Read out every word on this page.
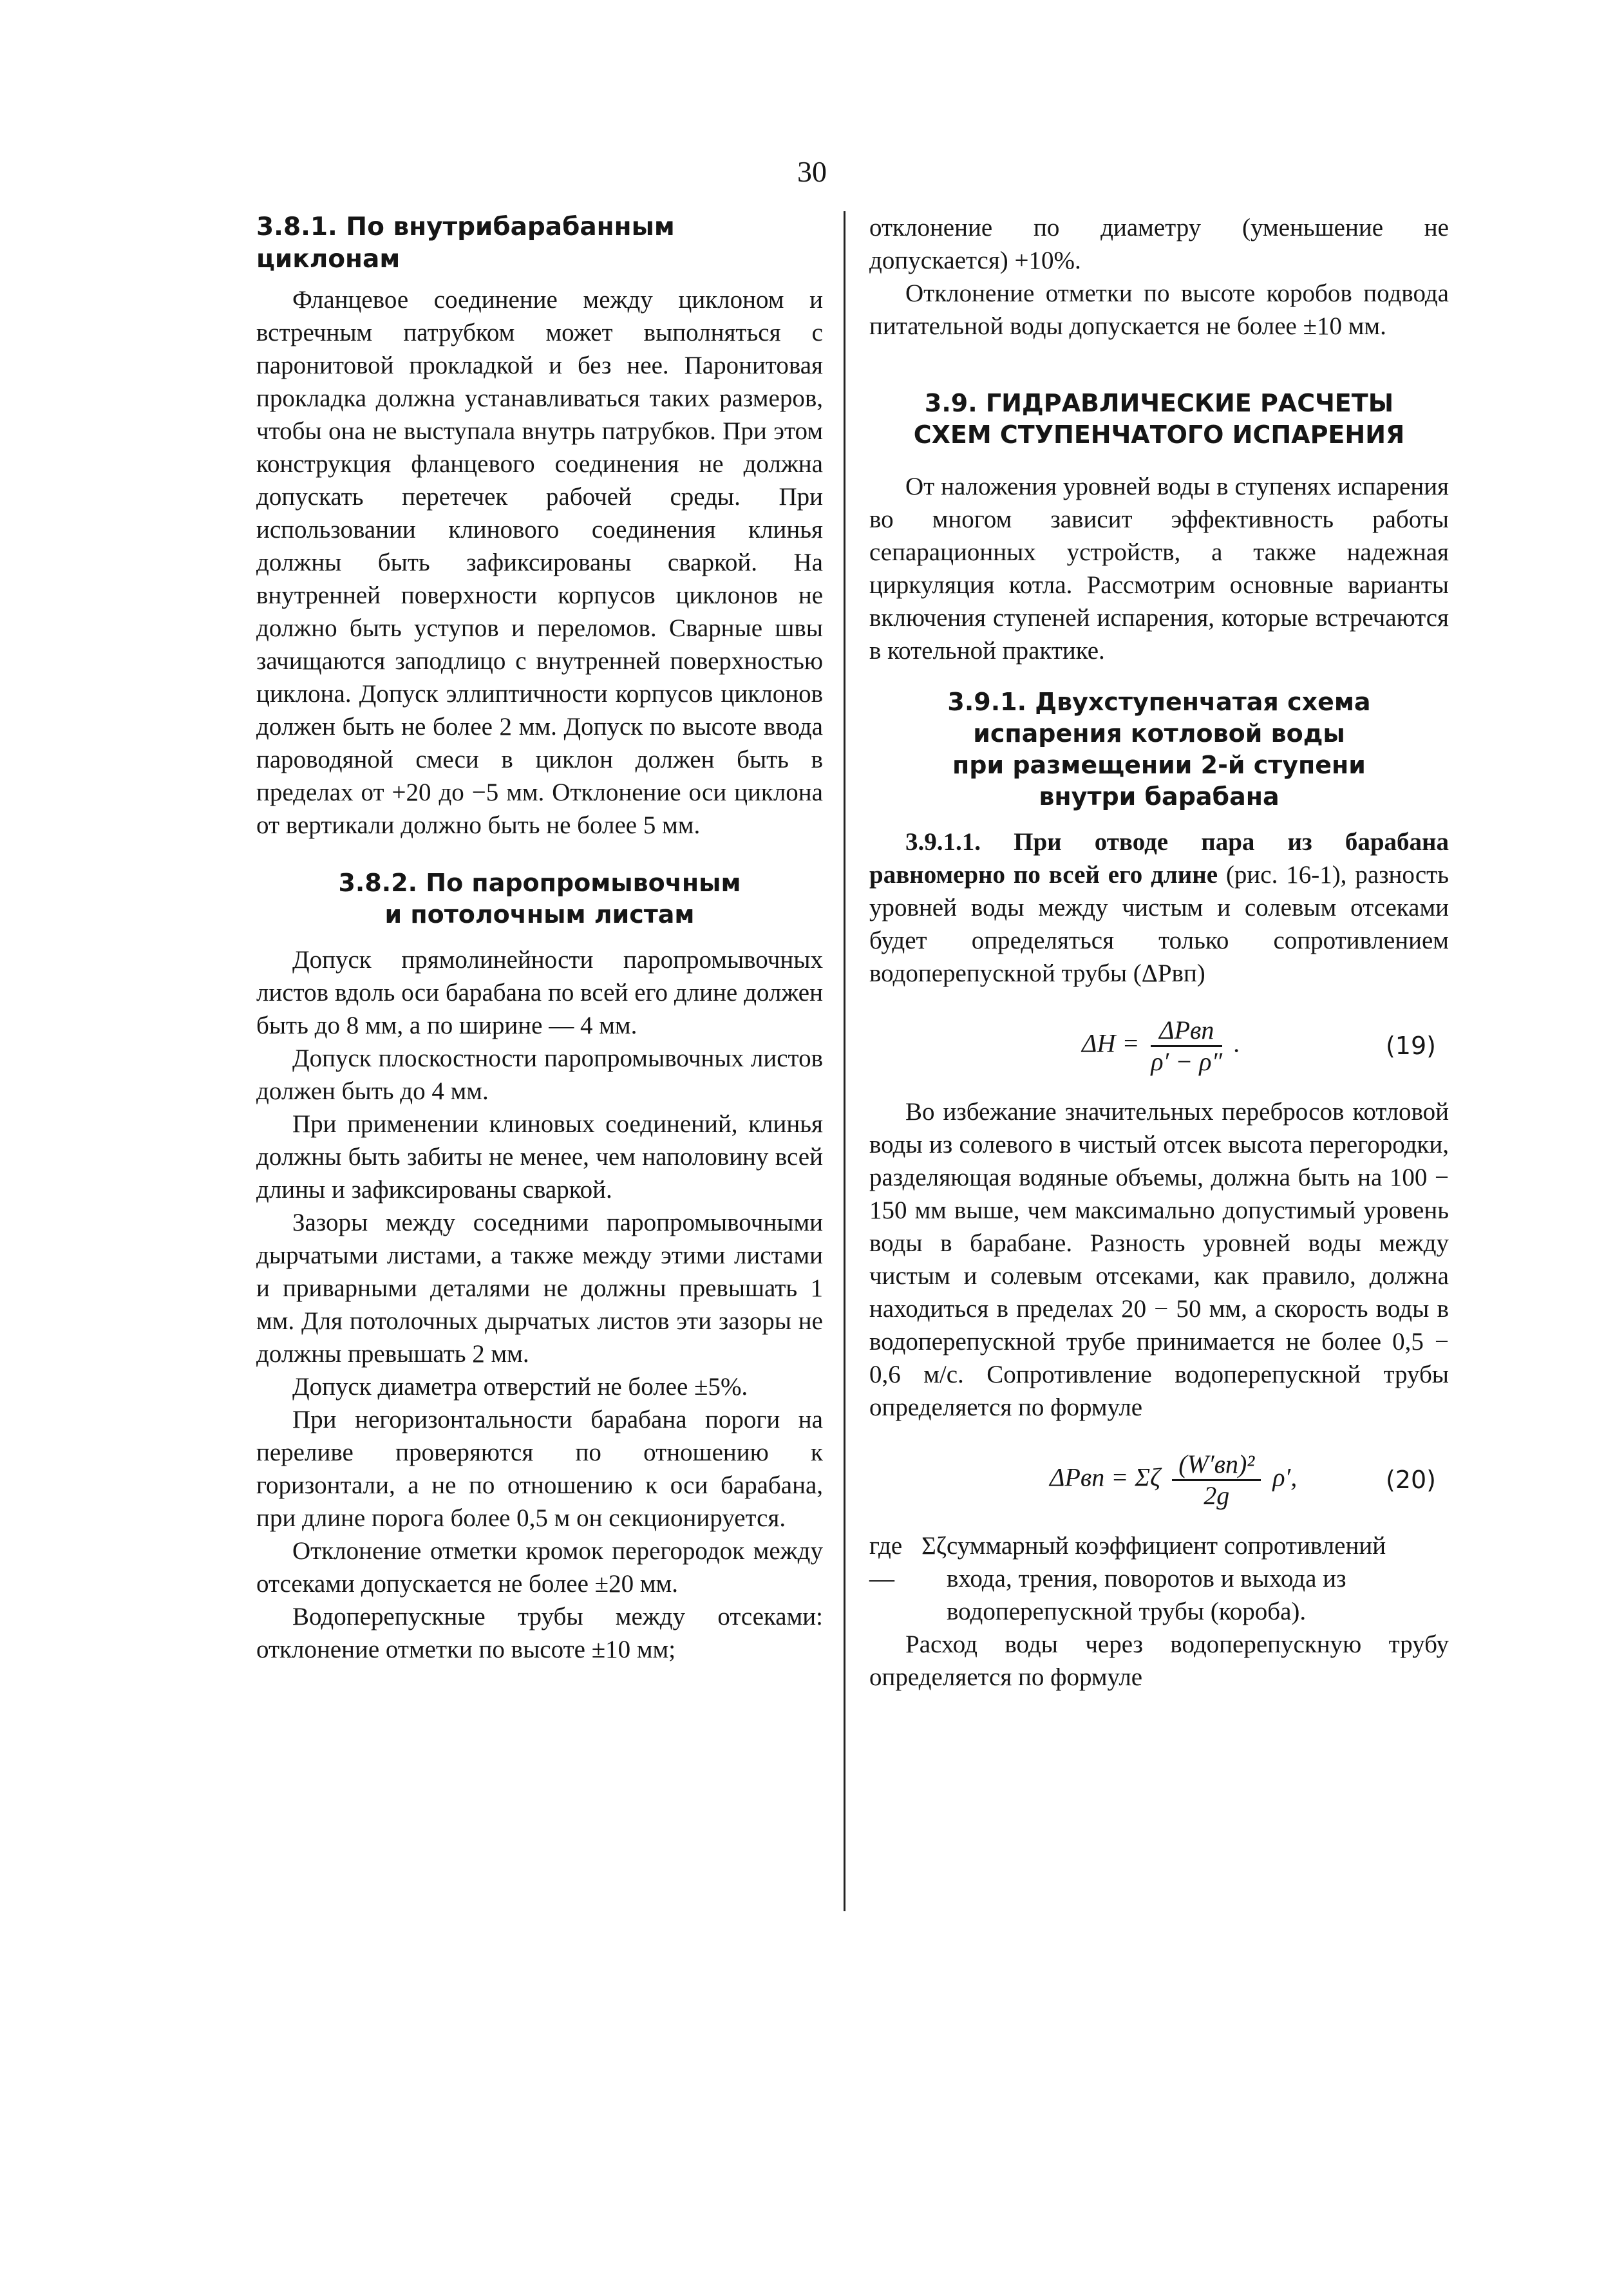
30
3.8.1. По внутрибарабанным циклонам

Фланцевое соединение между циклоном и встречным патрубком может выполняться с паронитовой прокладкой и без нее. Паронитовая прокладка должна устанавливаться таких размеров, чтобы она не выступала внутрь патрубков. При этом конструкция фланцевого соединения не должна допускать перетечек рабочей среды. При использовании клинового соединения клинья должны быть зафиксированы сваркой. На внутренней поверхности корпусов циклонов не должно быть уступов и переломов. Сварные швы зачищаются заподлицо с внутренней поверхностью циклона. Допуск эллиптичности корпусов циклонов должен быть не более 2 мм. Допуск по высоте ввода пароводяной смеси в циклон должен быть в пределах от +20 до −5 мм. Отклонение оси циклона от вертикали должно быть не более 5 мм.

3.8.2. По паропромывочным
и потолочным листам

Допуск прямолинейности паропромывочных листов вдоль оси барабана по всей его длине должен быть до 8 мм, а по ширине — 4 мм.

Допуск плоскостности паропромывочных листов должен быть до 4 мм.

При применении клиновых соединений, клинья должны быть забиты не менее, чем наполовину всей длины и зафиксированы сваркой.

Зазоры между соседними паропромывочными дырчатыми листами, а также между этими листами и приварными деталями не должны превышать 1 мм. Для потолочных дырчатых листов эти зазоры не должны превышать 2 мм.

Допуск диаметра отверстий не более ±5%.

При негоризонтальности барабана пороги на переливе проверяются по отношению к горизонтали, а не по отношению к оси барабана, при длине порога более 0,5 м он секционируется.

Отклонение отметки кромок перегородок между отсеками допускается не более ±20 мм.

Водоперепускные трубы между отсеками: отклонение отметки по высоте ±10 мм;

отклонение по диаметру (уменьшение не допускается) +10%.

Отклонение отметки по высоте коробов подвода питательной воды допускается не более ±10 мм.

3.9. ГИДРАВЛИЧЕСКИЕ РАСЧЕТЫ
СХЕМ СТУПЕНЧАТОГО ИСПАРЕНИЯ

От наложения уровней воды в ступенях испарения во многом зависит эффективность работы сепарационных устройств, а также надежная циркуляция котла. Рассмотрим основные варианты включения ступеней испарения, которые встречаются в котельной практике.

3.9.1. Двухступенчатая схема
испарения котловой воды
при размещении 2-й ступени
внутри барабана

3.9.1.1. При отводе пара из барабана равномерно по всей его длине (рис. 16-1), разность уровней воды между чистым и солевым отсеками будет определяться только сопротивлением водоперепускной трубы (ΔPвп)

$\Delta H = \frac{\text{ΔPвп}}{\rho' - \rho''}$ .	(19)

Во избежание значительных перебросов котловой воды из солевого в чистый отсек высота перегородки, разделяющая водяные объемы, должна быть на 100 − 150 мм выше, чем максимально допустимый уровень воды в барабане. Разность уровней воды между чистым и солевым отсеками, как правило, должна находиться в пределах 20 − 50 мм, а скорость воды в водоперепускной трубе принимается не более 0,5 − 0,6 м/с. Сопротивление водоперепускной трубы определяется по формуле

ΔPвп = Σζ $\frac{\text{(W′вп)²}}{2g} \rho'$,	(20)
где Σζ —
суммарный коэффициент сопротивлений входа, трения, поворотов и выхода из водоперепускной трубы (короба).

Расход воды через водоперепускную трубу определяется по формуле
